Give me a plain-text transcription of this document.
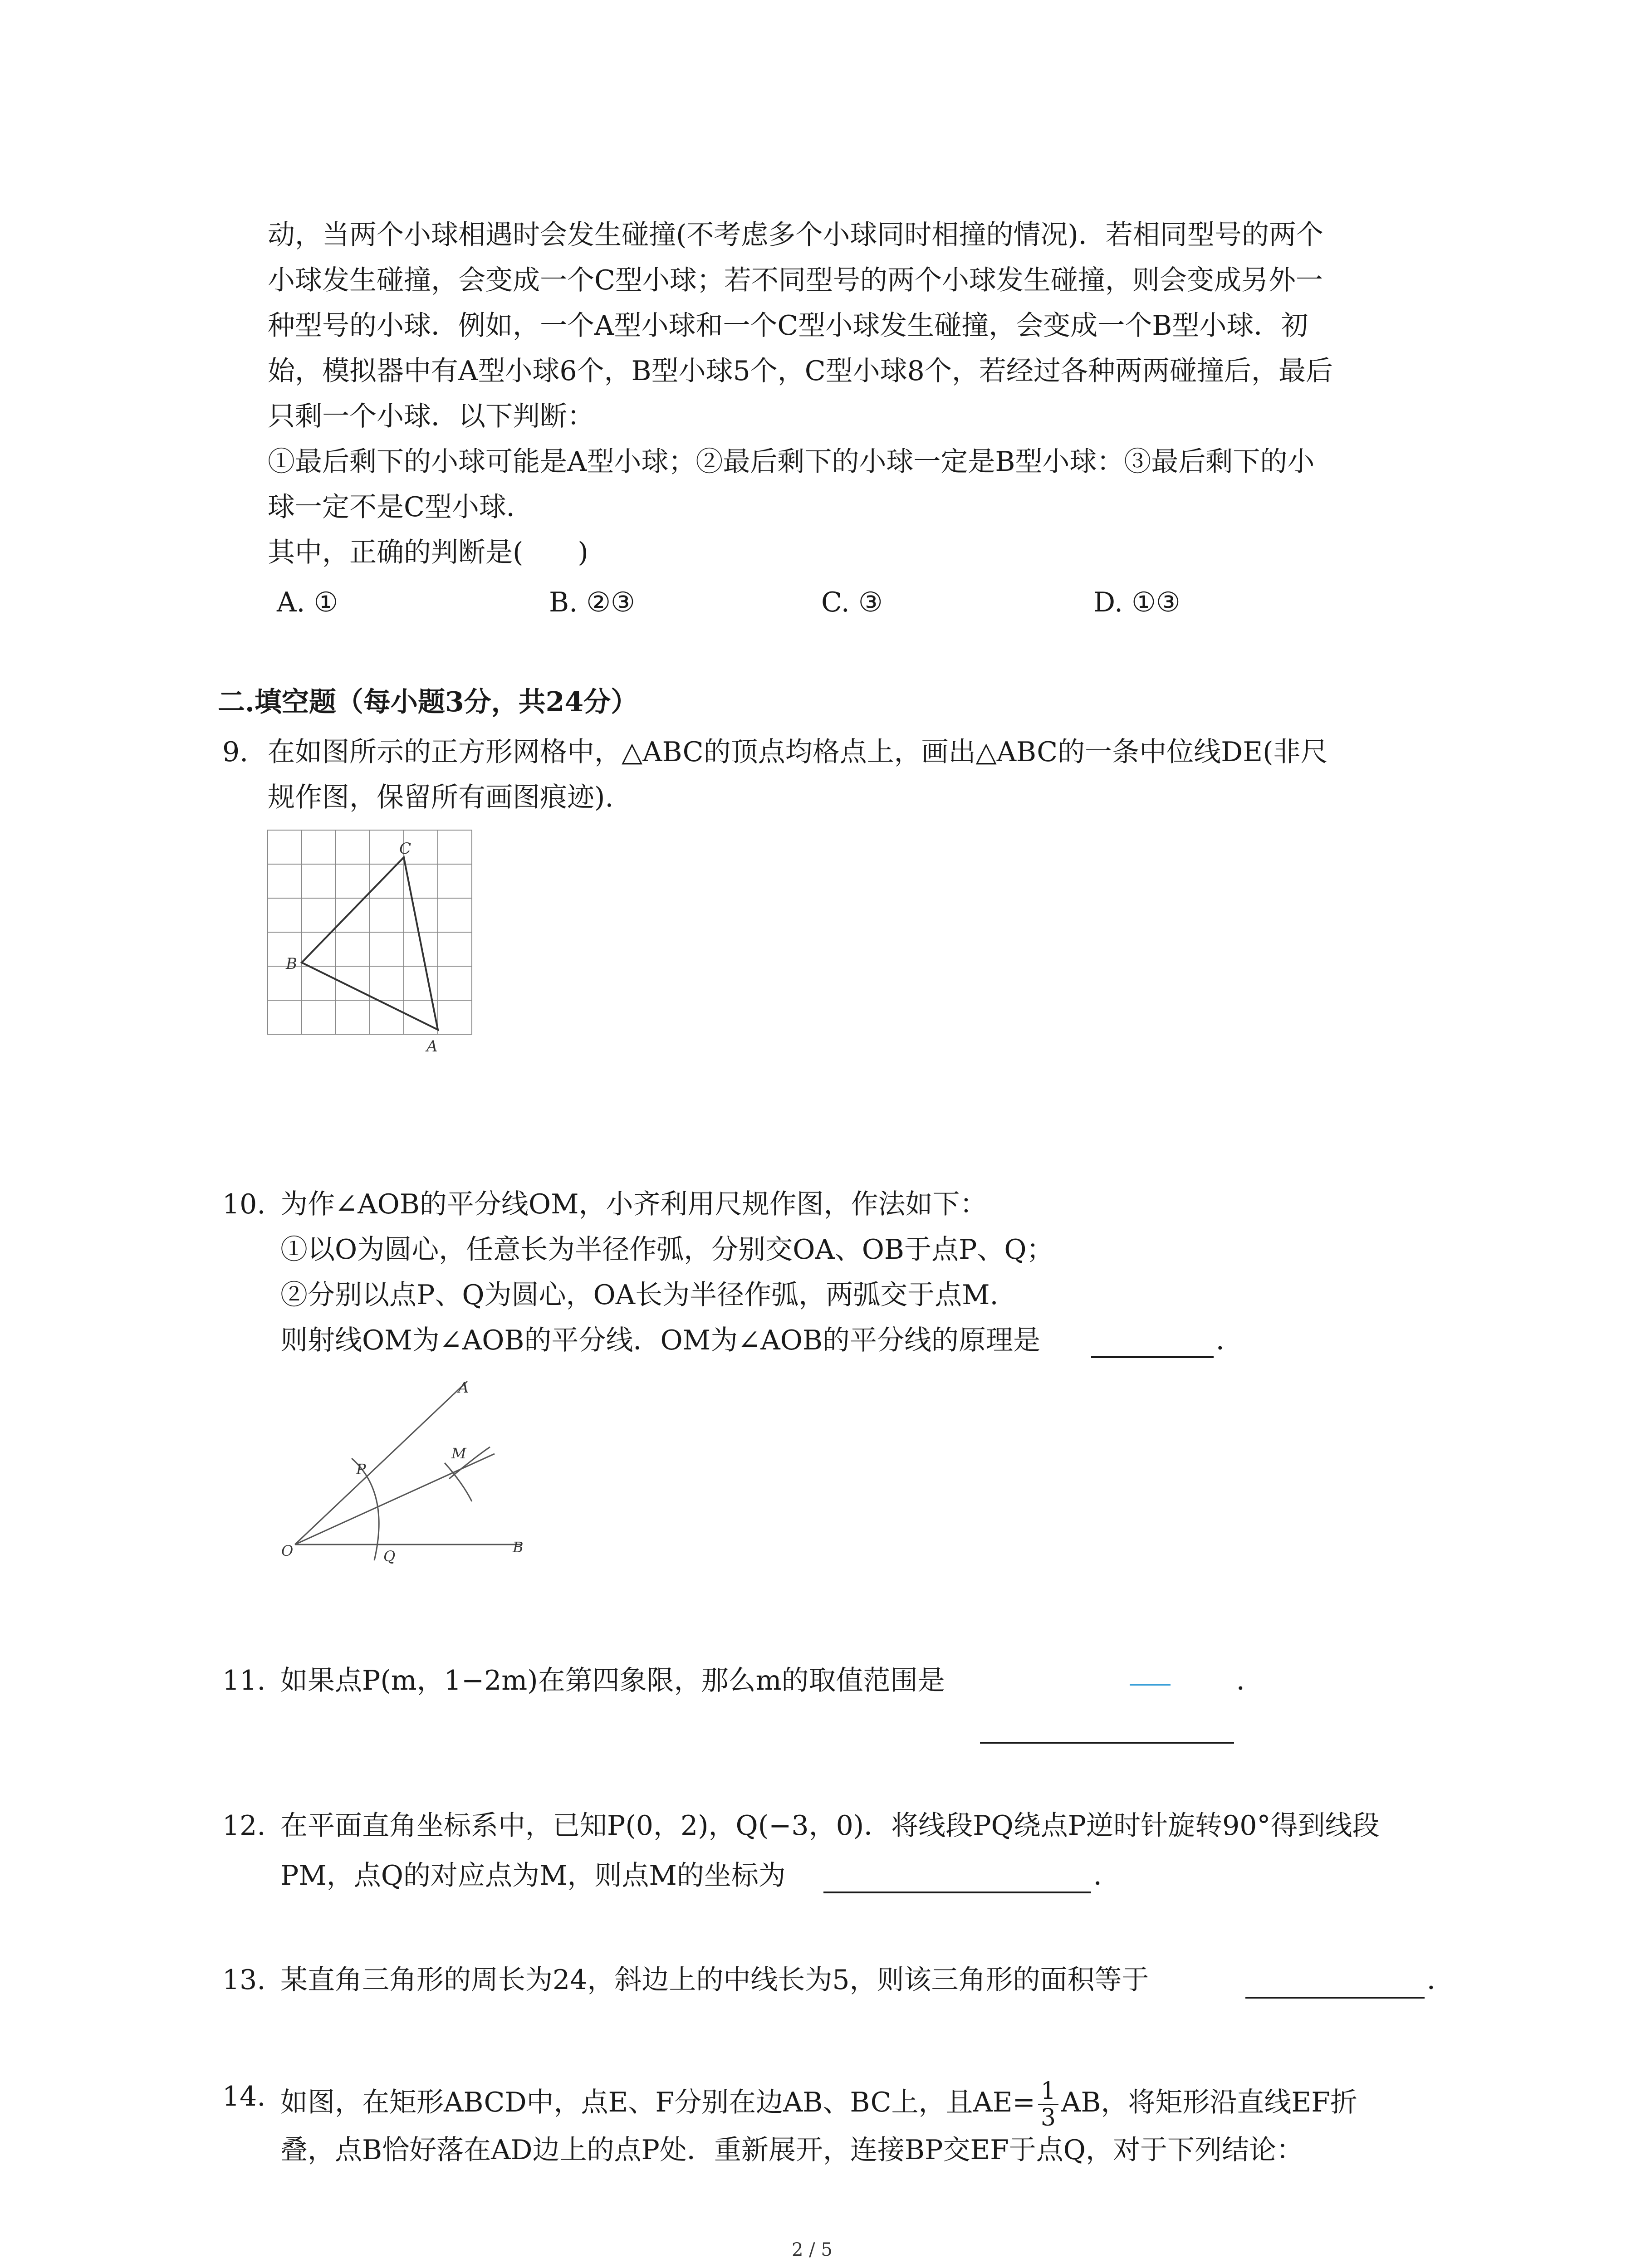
动，当两个小球相遇时会发生碰撞(不考虑多个小球同时相撞的情况)．若相同型号的两个
小球发生碰撞，会变成一个C型小球；若不同型号的两个小球发生碰撞，则会变成另外一
种型号的小球．例如，一个A型小球和一个C型小球发生碰撞，会变成一个B型小球．初
始，模拟器中有A型小球6个，B型小球5个，C型小球8个，若经过各种两两碰撞后，最后
只剩一个小球．以下判断：
①最后剩下的小球可能是A型小球；②最后剩下的小球一定是B型小球：③最后剩下的小
球一定不是C型小球．
其中，正确的判断是(　　)
A. ①	B. ②③	C. ③	D. ①③
二.填空题（每小题3分，共24分）
9. 在如图所示的正方形网格中，△ABC的顶点均格点上，画出△ABC的一条中位线DE(非尺
规作图，保留所有画图痕迹).
C
B
A
10. 为作∠AOB的平分线OM，小齐利用尺规作图，作法如下：
①以O为圆心，任意长为半径作弧，分别交OA、OB于点P、Q；
②分别以点P、Q为圆心，OA长为半径作弧，两弧交于点M.
则射线OM为∠AOB的平分线．OM为∠AOB的平分线的原理是	．
A
P
M
O	Q
B
11. 如果点P(m，1−2m)在第四象限，那么m的取值范围是	．
12. 在平面直角坐标系中，已知P(0，2)，Q(−3，0)．将线段PQ绕点P逆时针旋转90°得到线段
PM，点Q的对应点为M，则点M的坐标为	．
13. 某直角三角形的周长为24，斜边上的中线长为5，则该三角形的面积等于	．
14. 如图，在矩形ABCD中，点E、F分别在边AB、BC上，且$AE= \frac{1}{3}$ AB，将矩形沿直线EF折
叠，点B恰好落在AD边上的点P处．重新展开，连接BP交EF于点Q，对于下列结论：
2 / 5
